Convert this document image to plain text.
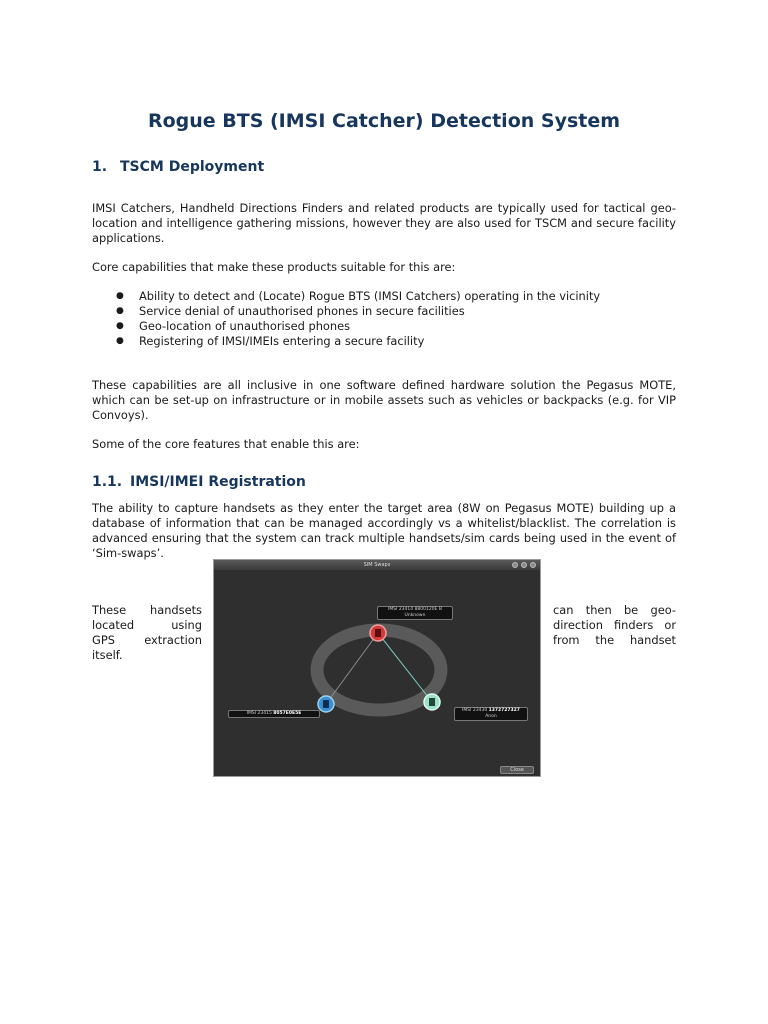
Rogue BTS (IMSI Catcher) Detection System
1. TSCM Deployment

IMSI Catchers, Handheld Directions Finders and related products are typically used for tactical geo-location and intelligence gathering missions, however they are also used for TSCM and secure facility applications.

Core capabilities that make these products suitable for this are:

● Ability to detect and (Locate) Rogue BTS (IMSI Catchers) operating in the vicinity
● Service denial of unauthorised phones in secure facilities
● Geo-location of unauthorised phones
● Registering of IMSI/IMEIs entering a secure facility

These capabilities are all inclusive in one software defined hardware solution the Pegasus MOTE, which can be set-up on infrastructure or in mobile assets such as vehicles or backpacks (e.g. for VIP Convoys).

Some of the core features that enable this are:

1.1. IMSI/IMEI Registration

The ability to capture handsets as they enter the target area (8W on Pegasus MOTE) building up a database of information that can be managed accordingly vs a whitelist/blacklist. The correlation is advanced ensuring that the system can track multiple handsets/sim cards being used in the event of ‘Sim-swaps’.

These handsets
located using
GPS extraction
itself.
can then be geo-
direction finders or
from the handset
SIM Swaps
IMSI 23414 8800120E B
Unknown
IMSI 23415 8057E0E5E
IMSI 23430 1372727327
Anon
Close
